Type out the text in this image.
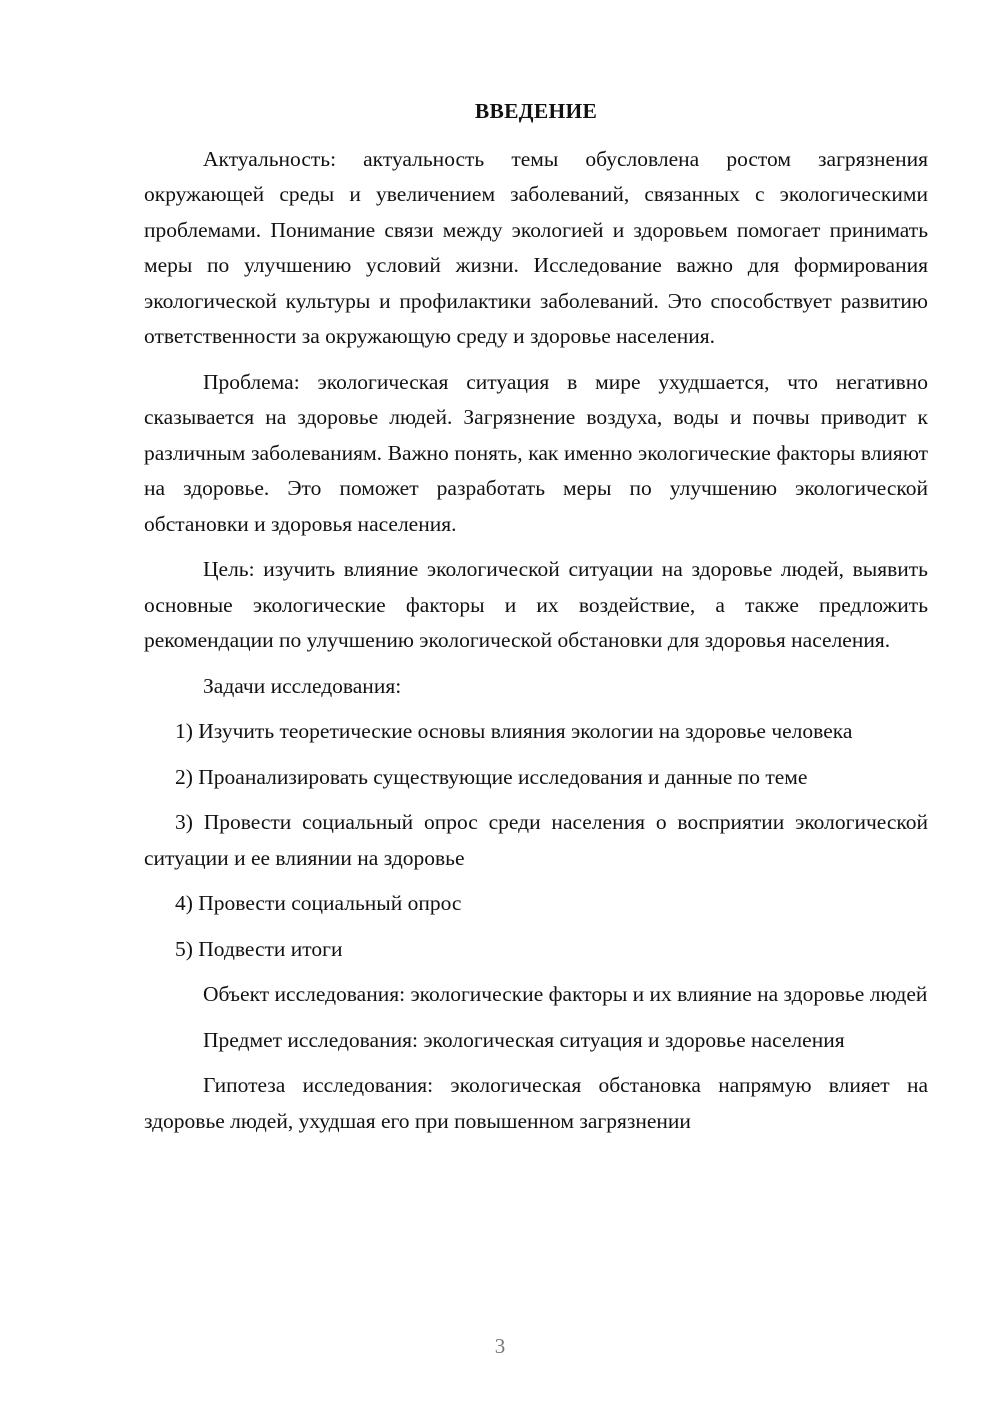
ВВЕДЕНИЕ

Актуальность: актуальность темы обусловлена ростом загрязнения окружающей среды и увеличением заболеваний, связанных с экологическими проблемами. Понимание связи между экологией и здоровьем помогает принимать меры по улучшению условий жизни. Исследование важно для формирования экологической культуры и профилактики заболеваний. Это способствует развитию ответственности за окружающую среду и здоровье населения.

Проблема: экологическая ситуация в мире ухудшается, что негативно сказывается на здоровье людей. Загрязнение воздуха, воды и почвы приводит к различным заболеваниям. Важно понять, как именно экологические факторы влияют на здоровье. Это поможет разработать меры по улучшению экологической обстановки и здоровья населения.

Цель: изучить влияние экологической ситуации на здоровье людей, выявить основные экологические факторы и их воздействие, а также предложить рекомендации по улучшению экологической обстановки для здоровья населения.

Задачи исследования:

1) Изучить теоретические основы влияния экологии на здоровье человека

2) Проанализировать существующие исследования и данные по теме

3) Провести социальный опрос среди населения о восприятии экологической ситуации и ее влиянии на здоровье

4) Провести социальный опрос

5) Подвести итоги

Объект исследования: экологические факторы и их влияние на здоровье людей

Предмет исследования: экологическая ситуация и здоровье населения

Гипотеза исследования: экологическая обстановка напрямую влияет на здоровье людей, ухудшая его при повышенном загрязнении

3
